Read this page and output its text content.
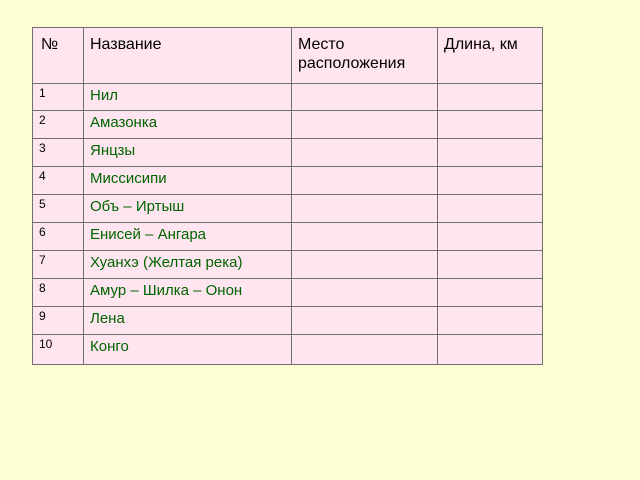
№	Название	Место расположения	Длина, км
1	Нил		
2	Амазонка		
3	Янцзы		
4	Миссисипи		
5	Объ – Иртыш		
6	Енисей – Ангара		
7	Хуанхэ (Желтая река)		
8	Амур – Шилка – Онон		
9	Лена		
10	Конго		
